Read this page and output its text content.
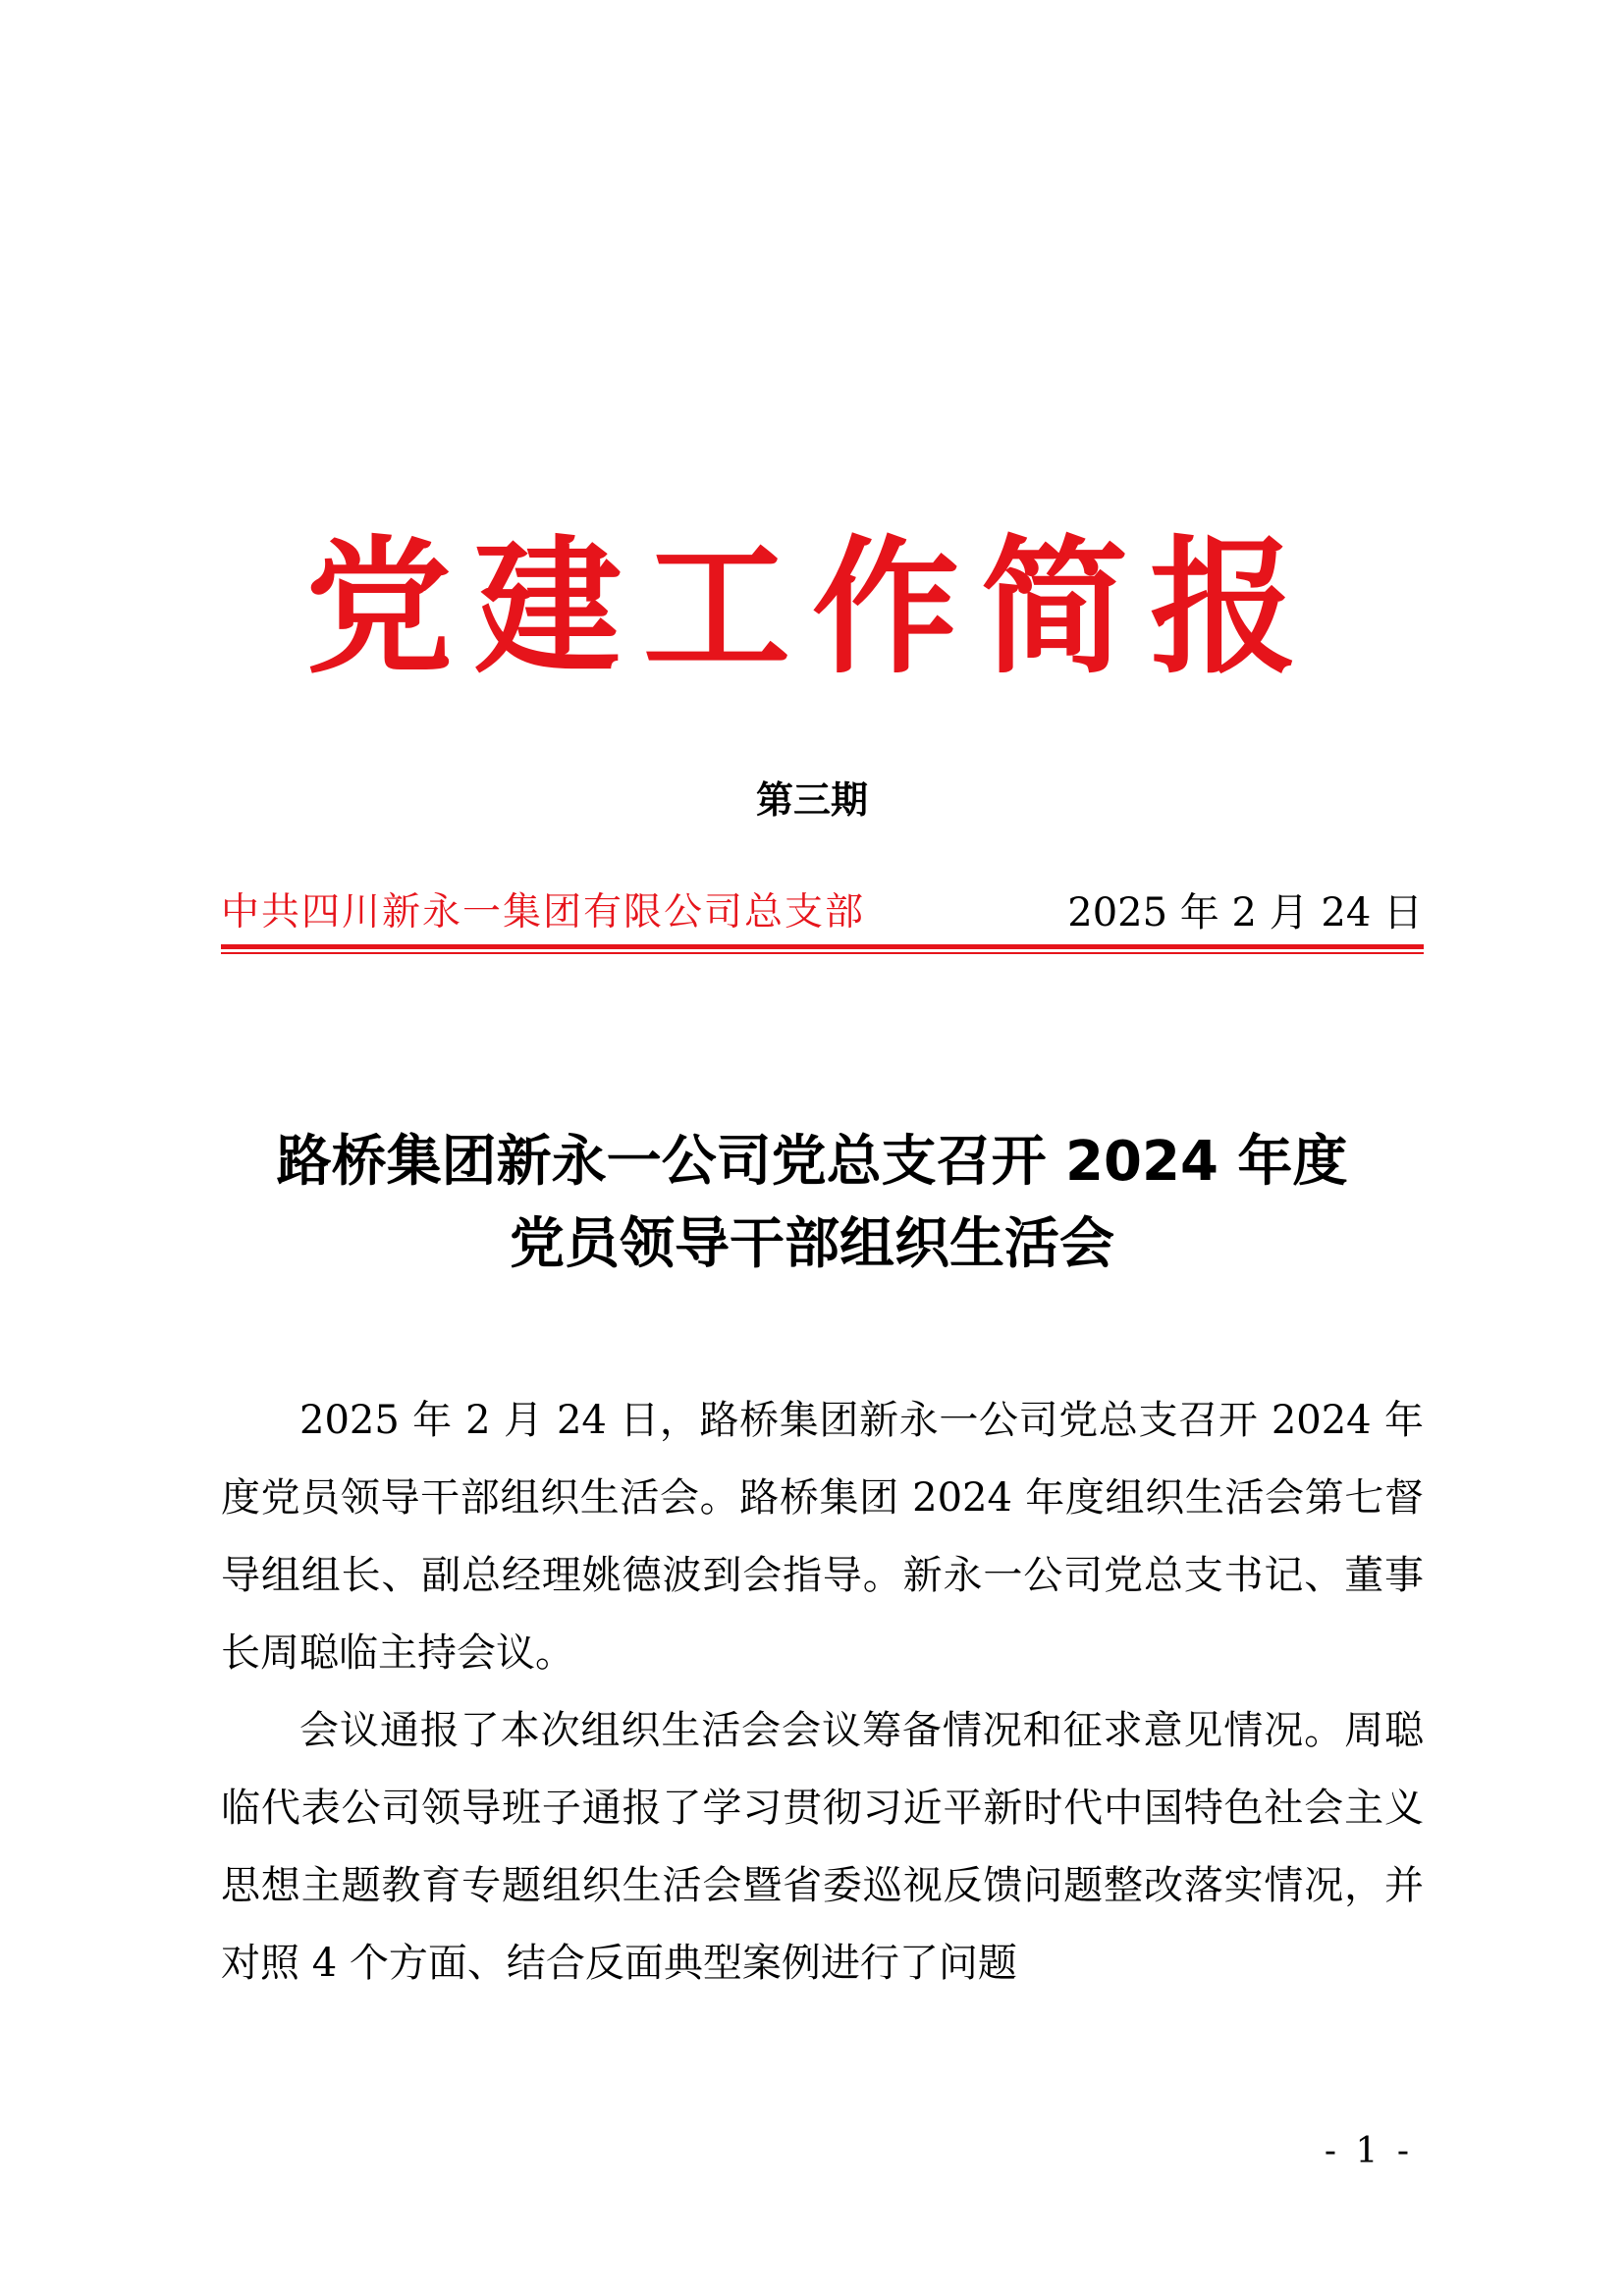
党建工作简报
第三期
中共四川新永一集团有限公司总支部	2025 年 2 月 24 日
路桥集团新永一公司党总支召开 2024 年度
党员领导干部组织生活会

2025 年 2 月 24 日，路桥集团新永一公司党总支召开 2024 年度党员领导干部组织生活会。路桥集团 2024 年度组织生活会第七督导组组长、副总经理姚德波到会指导。新永一公司党总支书记、董事长周聪临主持会议。

会议通报了本次组织生活会会议筹备情况和征求意见情况。周聪临代表公司领导班子通报了学习贯彻习近平新时代中国特色社会主义思想主题教育专题组织生活会暨省委巡视反馈问题整改落实情况，并对照 4 个方面、结合反面典型案例进行了问题

- 1 -
